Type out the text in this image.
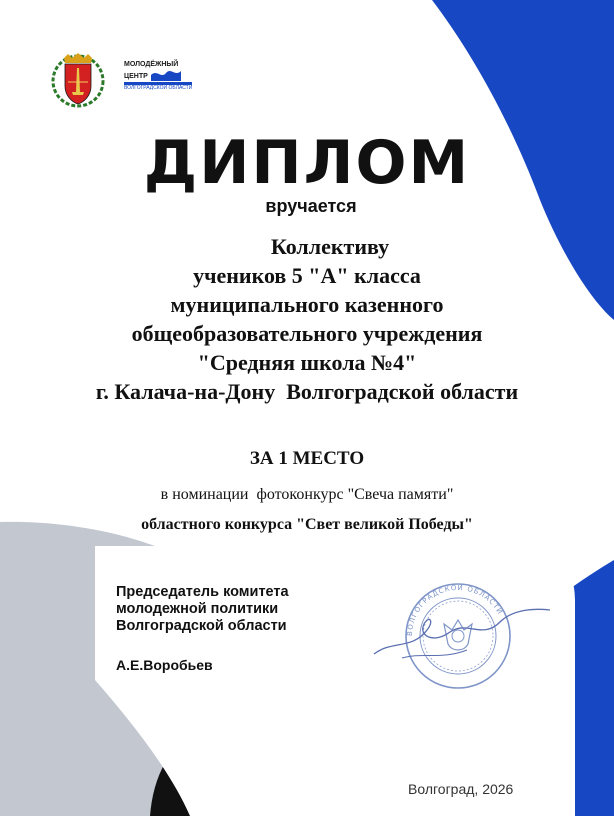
МОЛОДЁЖНЫЙ
ЦЕНТР
ВОЛГОГРАДСКОЙ ОБЛАСТИ
ДИПЛОМ
вручается
Коллективу
учеников 5 "А" класса
муниципального казенного
общеобразовательного учреждения
"Средняя школа №4"
г. Калача-на-Дону  Волгоградской области
ЗА 1 МЕСТО
в номинации  фотоконкурс "Свеча памяти"
областного конкурса "Свет великой Победы"
Председатель комитета
молодежной политики
Волгоградской области
А.Е.Воробьев
ВОЛГОГРАДСКОЙ ОБЛАСТИ
Волгоград, 2026
